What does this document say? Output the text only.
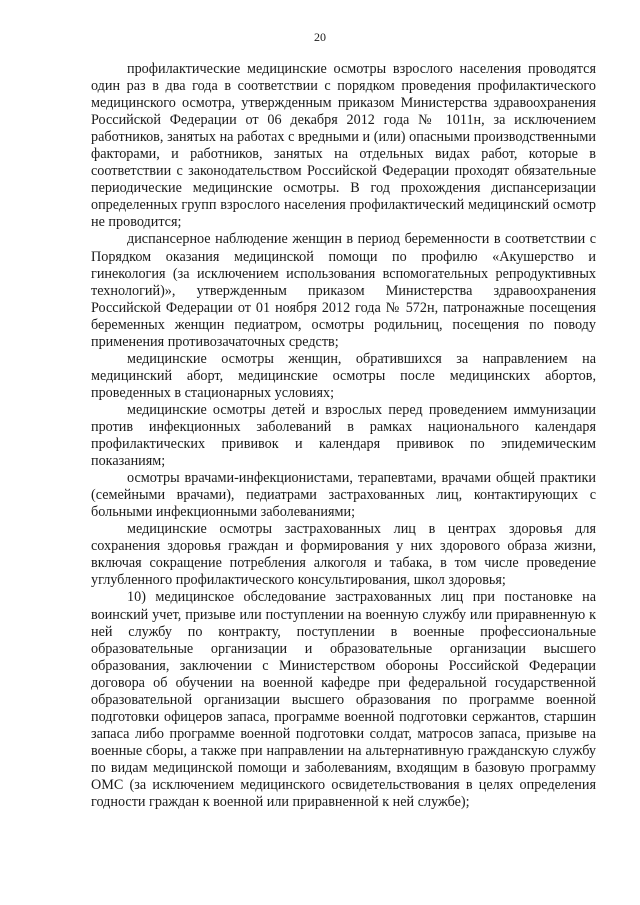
20

профилактические медицинские осмотры взрослого населения проводятся один раз в два года в соответствии с порядком проведения профилактического медицинского осмотра, утвержденным приказом Министерства здравоохранения Российской Федерации от 06 декабря 2012 года № 1011н, за исключением работников, занятых на работах с вредными и (или) опасными производственными факторами, и работников, занятых на отдельных видах работ, которые в соответствии с законодательством Российской Федерации проходят обязательные периодические медицинские осмотры. В год прохождения диспансеризации определенных групп взрослого населения профилактический медицинский осмотр не проводится;

диспансерное наблюдение женщин в период беременности в соответствии с Порядком оказания медицинской помощи по профилю «Акушерство и гинекология (за исключением использования вспомогательных репродуктивных технологий)», утвержденным приказом Министерства здравоохранения Российской Федерации от 01 ноября 2012 года № 572н, патронажные посещения беременных женщин педиатром, осмотры родильниц, посещения по поводу применения противозачаточных средств;

медицинские осмотры женщин, обратившихся за направлением на медицинский аборт, медицинские осмотры после медицинских абортов, проведенных в стационарных условиях;

медицинские осмотры детей и взрослых перед проведением иммунизации против инфекционных заболеваний в рамках национального календаря профилактических прививок и календаря прививок по эпидемическим показаниям;

осмотры врачами-инфекционистами, терапевтами, врачами общей практики (семейными врачами), педиатрами застрахованных лиц, контактирующих с больными инфекционными заболеваниями;

медицинские осмотры застрахованных лиц в центрах здоровья для сохранения здоровья граждан и формирования у них здорового образа жизни, включая сокращение потребления алкоголя и табака, в том числе проведение углубленного профилактического консультирования, школ здоровья;

10) медицинское обследование застрахованных лиц при постановке на воинский учет, призыве или поступлении на военную службу или приравненную к ней службу по контракту, поступлении в военные профессиональные образовательные организации и образовательные организации высшего образования, заключении с Министерством обороны Российской Федерации договора об обучении на военной кафедре при федеральной государственной образовательной организации высшего образования по программе военной подготовки офицеров запаса, программе военной подготовки сержантов, старшин запаса либо программе военной подготовки солдат, матросов запаса, призыве на военные сборы, а также при направлении на альтернативную гражданскую службу по видам медицинской помощи и заболеваниям, входящим в базовую программу ОМС (за исключением медицинского освидетельствования в целях определения годности граждан к военной или приравненной к ней службе);
